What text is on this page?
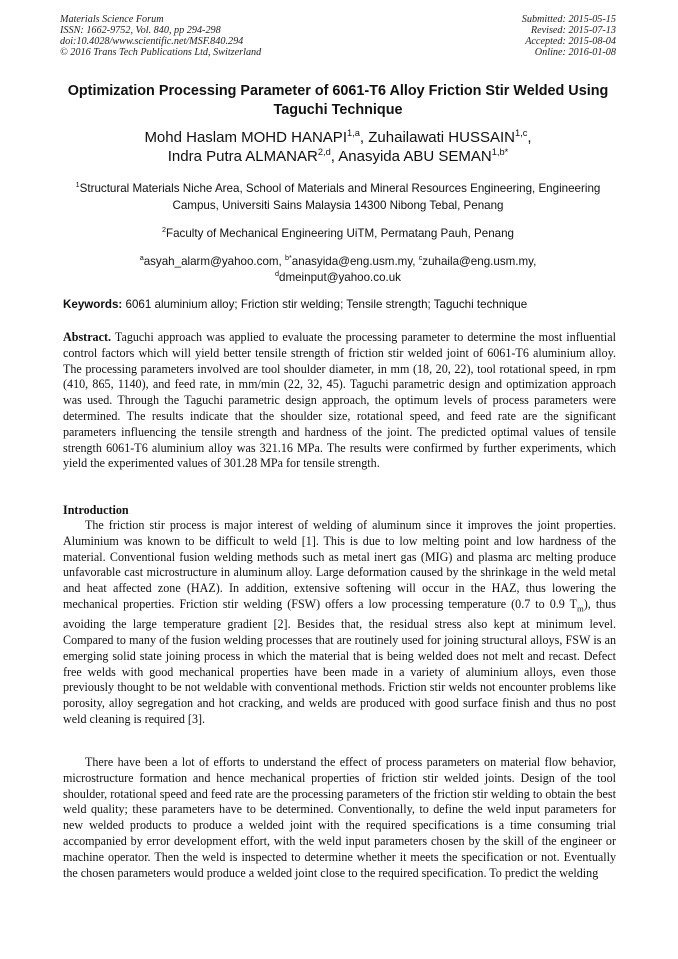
Materials Science Forum
ISSN: 1662-9752, Vol. 840, pp 294-298
doi:10.4028/www.scientific.net/MSF.840.294
© 2016 Trans Tech Publications Ltd, Switzerland
Submitted: 2015-05-15
Revised: 2015-07-13
Accepted: 2015-08-04
Online: 2016-01-08
Optimization Processing Parameter of 6061-T6 Alloy Friction Stir Welded Using Taguchi Technique
Mohd Haslam MOHD HANAPI$^{1,a}$, Zuhailawati HUSSAIN$^{1,c}$,
Indra Putra ALMANAR$^{2,d}$, Anasyida ABU $SEMAN^{1,b*}$
$^1$Structural Materials Niche Area, School of Materials and Mineral Resources Engineering, Engineering Campus, Universiti Sains Malaysia 14300 Nibong Tebal, Penang
$^2$Faculty of Mechanical Engineering UiTM, Permatang Pauh, Penang
$^a$asyah_alarm@yahoo.com, $^{b*}$anasyida@eng.usm.my, $^c$zuhaila@eng.usm.my,
$^d$dmeinput@yahoo.co.uk
Keywords: 6061 aluminium alloy; Friction stir welding; Tensile strength; Taguchi technique
Abstract. Taguchi approach was applied to evaluate the processing parameter to determine the most influential control factors which will yield better tensile strength of friction stir welded joint of 6061-T6 aluminium alloy. The processing parameters involved are tool shoulder diameter, in mm (18, 20, 22), tool rotational speed, in rpm (410, 865, 1140), and feed rate, in mm/min (22, 32, 45). Taguchi parametric design and optimization approach was used. Through the Taguchi parametric design approach, the optimum levels of process parameters were determined. The results indicate that the shoulder size, rotational speed, and feed rate are the significant parameters influencing the tensile strength and hardness of the joint. The predicted optimal values of tensile strength 6061-T6 aluminium alloy was 321.16 MPa. The results were confirmed by further experiments, which yield the experimented values of 301.28 MPa for tensile strength.
Introduction
The friction stir process is major interest of welding of aluminum since it improves the joint properties. Aluminium was known to be difficult to weld [1]. This is due to low melting point and low hardness of the material. Conventional fusion welding methods such as metal inert gas (MIG) and plasma arc melting produce unfavorable cast microstructure in aluminum alloy. Large deformation caused by the shrinkage in the weld metal and heat affected zone (HAZ). In addition, extensive softening will occur in the HAZ, thus lowering the mechanical properties. Friction stir welding (FSW) offers a low processing temperature (0.7 to 0.9 $T_m$), thus avoiding the large temperature gradient [2]. Besides that, the residual stress also kept at minimum level. Compared to many of the fusion welding processes that are routinely used for joining structural alloys, FSW is an emerging solid state joining process in which the material that is being welded does not melt and recast. Defect free welds with good mechanical properties have been made in a variety of aluminium alloys, even those previously thought to be not weldable with conventional methods. Friction stir welds not encounter problems like porosity, alloy segregation and hot cracking, and welds are produced with good surface finish and thus no post weld cleaning is required [3].
There have been a lot of efforts to understand the effect of process parameters on material flow behavior, microstructure formation and hence mechanical properties of friction stir welded joints. Design of the tool shoulder, rotational speed and feed rate are the processing parameters of the friction stir welding to obtain the best weld quality; these parameters have to be determined. Conventionally, to define the weld input parameters for new welded products to produce a welded joint with the required specifications is a time consuming trial accompanied by error development effort, with the weld input parameters chosen by the skill of the engineer or machine operator. Then the weld is inspected to determine whether it meets the specification or not. Eventually the chosen parameters would produce a welded joint close to the required specification. To predict the welding
